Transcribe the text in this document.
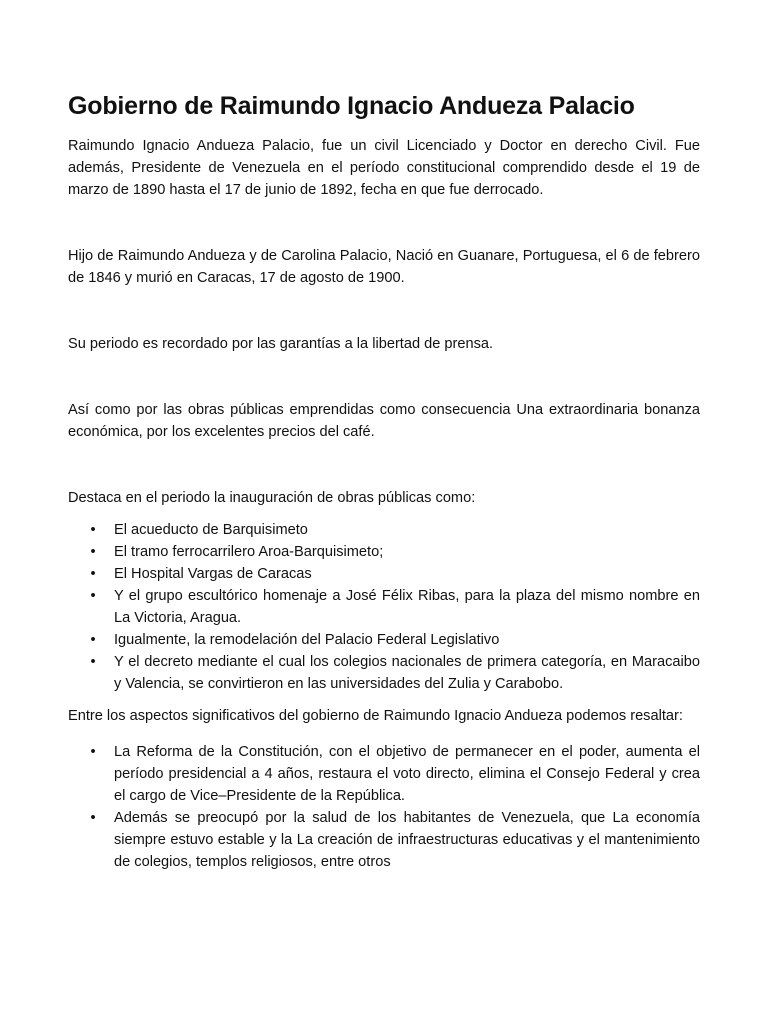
Gobierno de Raimundo Ignacio Andueza Palacio

Raimundo Ignacio Andueza Palacio, fue un civil Licenciado y Doctor en derecho Civil. Fue además, Presidente de Venezuela en el período constitucional comprendido desde el 19 de marzo de 1890 hasta el 17 de junio de 1892, fecha en que fue derrocado.

Hijo de Raimundo Andueza y de Carolina Palacio, Nació en Guanare, Portuguesa, el 6 de febrero de 1846 y murió en Caracas, 17 de agosto de 1900.

Su periodo es recordado por las garantías a la libertad de prensa.

Así como por las obras públicas emprendidas como consecuencia Una extraordinaria bonanza económica, por los excelentes precios del café.

Destaca en el periodo la inauguración de obras públicas como:

• El acueducto de Barquisimeto
• El tramo ferrocarrilero Aroa-Barquisimeto;
• El Hospital Vargas de Caracas
• Y el grupo escultórico homenaje a José Félix Ribas, para la plaza del mismo nombre en La Victoria, Aragua.
• Igualmente, la remodelación del Palacio Federal Legislativo
• Y el decreto mediante el cual los colegios nacionales de primera categoría, en Maracaibo y Valencia, se convirtieron en las universidades del Zulia y Carabobo.

Entre los aspectos significativos del gobierno de Raimundo Ignacio Andueza podemos resaltar:

• La Reforma de la Constitución, con el objetivo de permanecer en el poder, aumenta el período presidencial a 4 años, restaura el voto directo, elimina el Consejo Federal y crea el cargo de Vice–Presidente de la República.
• Además se preocupó por la salud de los habitantes de Venezuela, que La economía siempre estuvo estable y la La creación de infraestructuras educativas y el mantenimiento de colegios, templos religiosos, entre otros
